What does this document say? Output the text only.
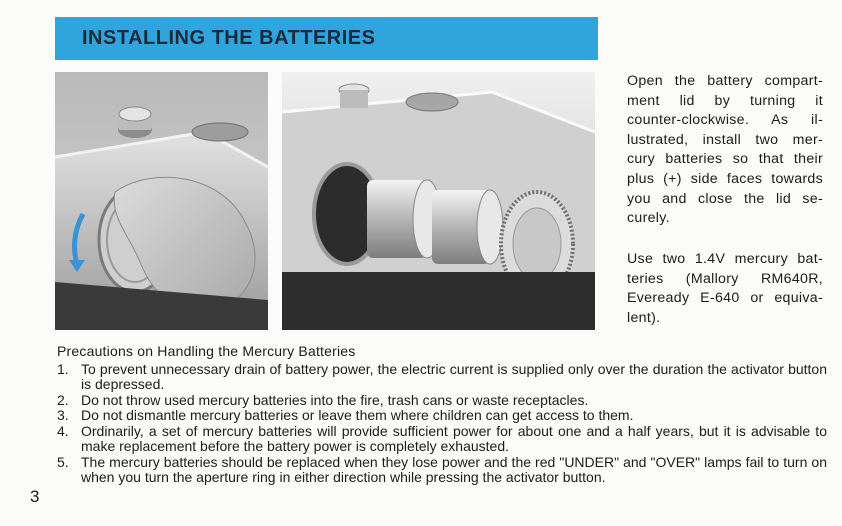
INSTALLING THE BATTERIES
Open the battery compart-
ment lid by turning it
counter-clockwise. As il-
lustrated, install two mer-
cury batteries so that their
plus (+) side faces towards
you and close the lid se-
curely.
Use two 1.4V mercury bat-
teries (Mallory RM640R,
Eveready E-640 or equiva-
lent).
Precautions on Handling the Mercury Batteries
1. To prevent unnecessary drain of battery power, the electric current is supplied only over the duration the activator button is depressed.
2. Do not throw used mercury batteries into the fire, trash cans or waste receptacles.
3. Do not dismantle mercury batteries or leave them where children can get access to them.
4. Ordinarily, a set of mercury batteries will provide sufficient power for about one and a half years, but it is advisable to make replacement before the battery power is completely exhausted.
5. The mercury batteries should be replaced when they lose power and the red "UNDER" and "OVER" lamps fail to turn on when you turn the aperture ring in either direction while pressing the activator button.
3
